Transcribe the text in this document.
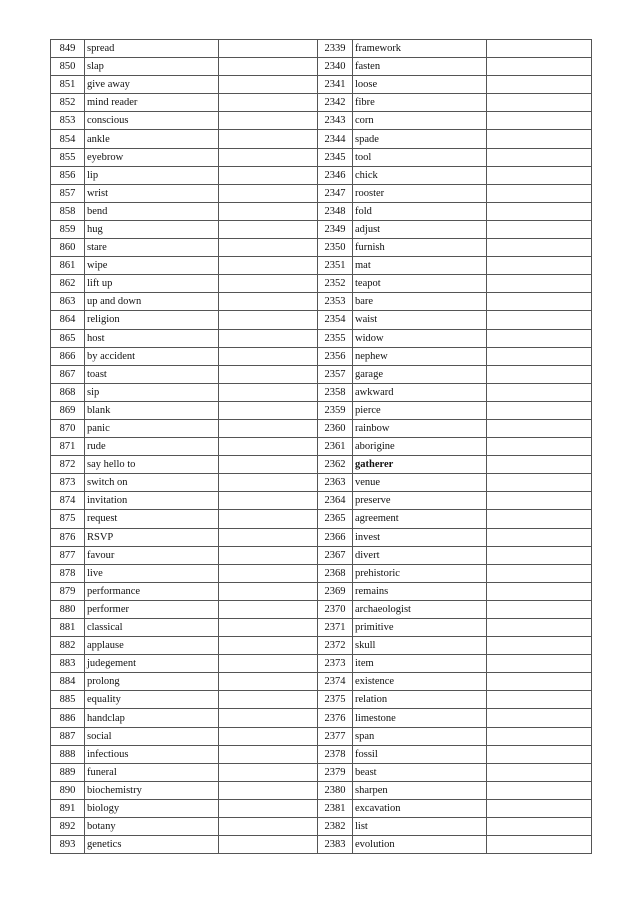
849	spread		2339	framework	
850	slap		2340	fasten	
851	give away		2341	loose	
852	mind reader		2342	fibre	
853	conscious		2343	corn	
854	ankle		2344	spade	
855	eyebrow		2345	tool	
856	lip		2346	chick	
857	wrist		2347	rooster	
858	bend		2348	fold	
859	hug		2349	adjust	
860	stare		2350	furnish	
861	wipe		2351	mat	
862	lift up		2352	teapot	
863	up and down		2353	bare	
864	religion		2354	waist	
865	host		2355	widow	
866	by accident		2356	nephew	
867	toast		2357	garage	
868	sip		2358	awkward	
869	blank		2359	pierce	
870	panic		2360	rainbow	
871	rude		2361	aborigine	
872	say hello to		2362	gatherer	
873	switch on		2363	venue	
874	invitation		2364	preserve	
875	request		2365	agreement	
876	RSVP		2366	invest	
877	favour		2367	divert	
878	live		2368	prehistoric	
879	performance		2369	remains	
880	performer		2370	archaeologist	
881	classical		2371	primitive	
882	applause		2372	skull	
883	judegement		2373	item	
884	prolong		2374	existence	
885	equality		2375	relation	
886	handclap		2376	limestone	
887	social		2377	span	
888	infectious		2378	fossil	
889	funeral		2379	beast	
890	biochemistry		2380	sharpen	
891	biology		2381	excavation	
892	botany		2382	list	
893	genetics		2383	evolution	
